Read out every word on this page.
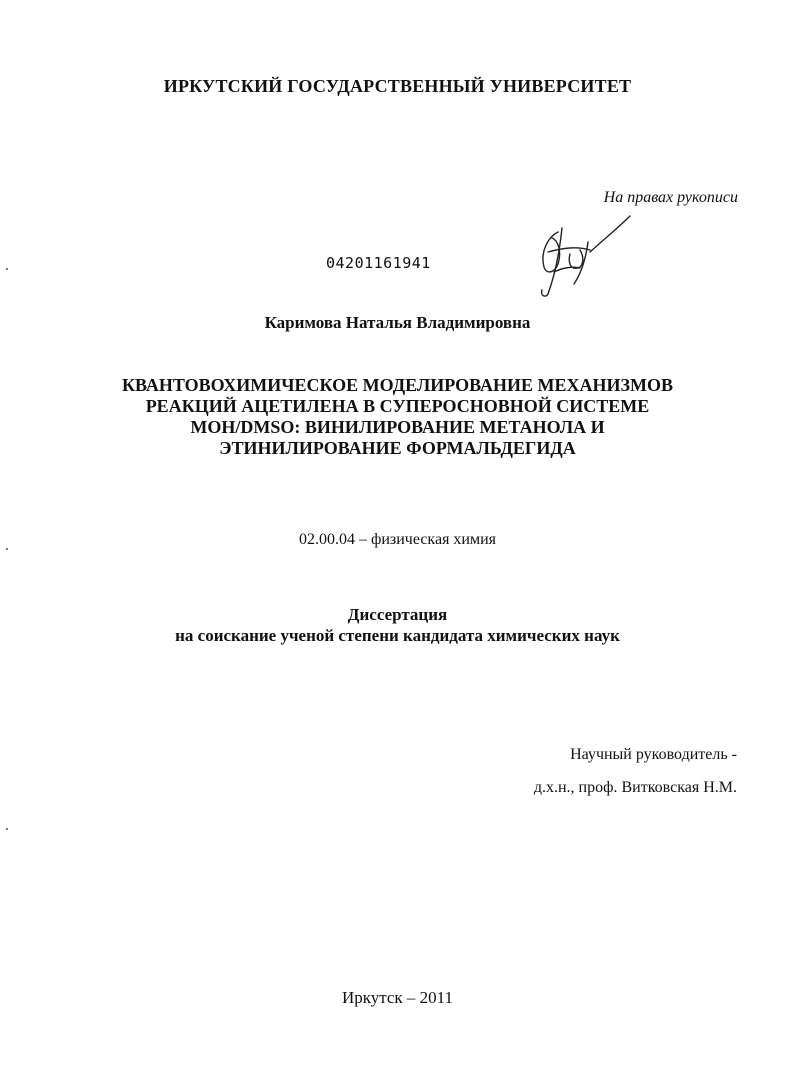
ИРКУТСКИЙ ГОСУДАРСТВЕННЫЙ УНИВЕРСИТЕТ
На правах рукописи
04201161941
Каримова Наталья Владимировна
КВАНТОВОХИМИЧЕСКОЕ МОДЕЛИРОВАНИЕ МЕХАНИЗМОВ
РЕАКЦИЙ АЦЕТИЛЕНА В СУПЕРОСНОВНОЙ СИСТЕМЕ
MOH/DMSO: ВИНИЛИРОВАНИЕ МЕТАНОЛА И
ЭТИНИЛИРОВАНИЕ ФОРМАЛЬДЕГИДА
02.00.04 – физическая химия
Диссертация
на соискание ученой степени кандидата химических наук
Научный руководитель -
д.х.н., проф. Витковская Н.М.
Иркутск – 2011
